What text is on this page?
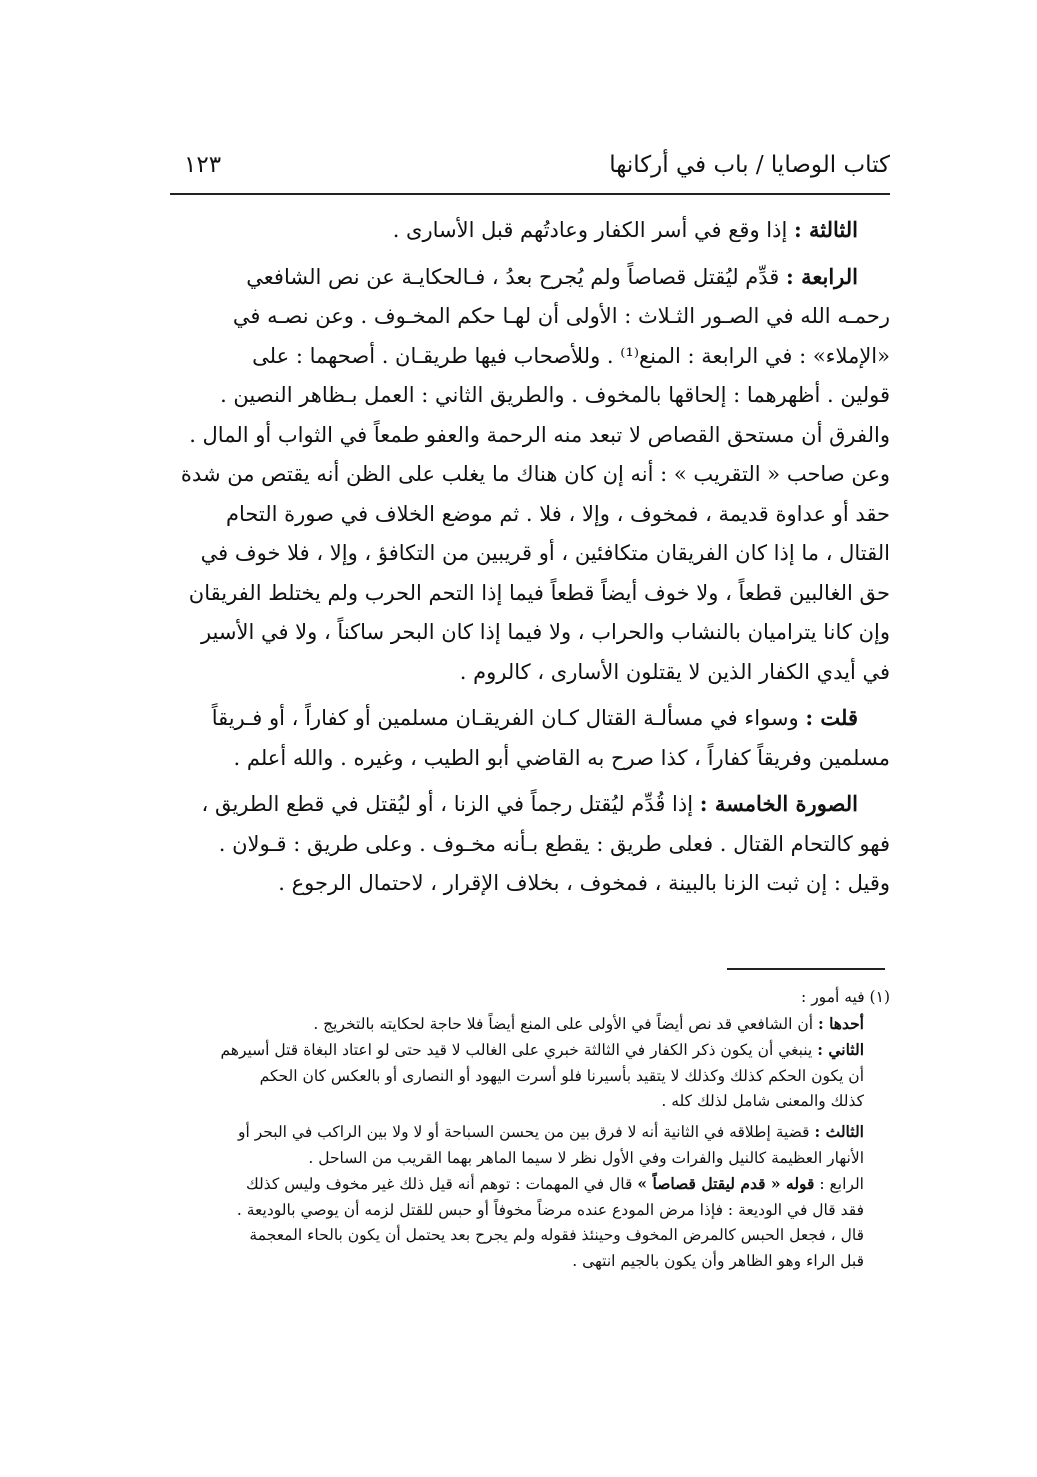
كتاب الوصايا / باب في أركانها
١٢٣
الثالثة : إذا وقع في أسر الكفار وعادتُهم قبل الأسارى .
الرابعة : قدِّم ليُقتل قصاصاً ولم يُجرح بعدُ ، فـالحكايـة عن نص الشافعي
رحمـه الله في الصـور الثـلاث : الأولى أن لهـا حكم المخـوف . وعن نصـه في
«الإملاء» : في الرابعة : المنع⁽¹⁾ . وللأصحاب فيها طريقـان . أصحهما : على
قولين . أظهرهما : إلحاقها بالمخوف . والطريق الثاني : العمل بـظاهر النصين .
والفرق أن مستحق القصاص لا تبعد منه الرحمة والعفو طمعاً في الثواب أو المال .
وعن صاحب « التقريب » : أنه إن كان هناك ما يغلب على الظن أنه يقتص من شدة
حقد أو عداوة قديمة ، فمخوف ، وإلا ، فلا . ثم موضع الخلاف في صورة التحام
القتال ، ما إذا كان الفريقان متكافئين ، أو قريبين من التكافؤ ، وإلا ، فلا خوف في
حق الغالبين قطعاً ، ولا خوف أيضاً قطعاً فيما إذا التحم الحرب ولم يختلط الفريقان
وإن كانا يتراميان بالنشاب والحراب ، ولا فيما إذا كان البحر ساكناً ، ولا في الأسير
في أيدي الكفار الذين لا يقتلون الأسارى ، كالروم .
قلت : وسواء في مسألـة القتال كـان الفريقـان مسلمين أو كفاراً ، أو فـريقاً
مسلمين وفريقاً كفاراً ، كذا صرح به القاضي أبو الطيب ، وغيره . والله أعلم .
الصورة الخامسة : إذا قُدِّم ليُقتل رجماً في الزنا ، أو ليُقتل في قطع الطريق ،
فهو كالتحام القتال . فعلى طريق : يقطع بـأنه مخـوف . وعلى طريق : قـولان .
وقيل : إن ثبت الزنا بالبينة ، فمخوف ، بخلاف الإقرار ، لاحتمال الرجوع .
(١) فيه أمور :
أحدها : أن الشافعي قد نص أيضاً في الأولى على المنع أيضاً فلا حاجة لحكايته بالتخريج .
الثاني : ينبغي أن يكون ذكر الكفار في الثالثة خبري على الغالب لا قيد حتى لو اعتاد البغاة قتل أسيرهم
أن يكون الحكم كذلك وكذلك لا يتقيد بأسيرنا فلو أسرت اليهود أو النصارى أو بالعكس كان الحكم
كذلك والمعنى شامل لذلك كله .
الثالث : قضية إطلاقه في الثانية أنه لا فرق بين من يحسن السباحة أو لا ولا بين الراكب في البحر أو
الأنهار العظيمة كالنيل والفرات وفي الأول نظر لا سيما الماهر بهما القريب من الساحل .
الرابع : قوله « قدم ليقتل قصاصاً » قال في المهمات : توهم أنه قيل ذلك غير مخوف وليس كذلك
فقد قال في الوديعة : فإذا مرض المودع عنده مرضاً مخوفاً أو حبس للقتل لزمه أن يوصي بالوديعة .
قال ، فجعل الحبس كالمرض المخوف وحينئذ فقوله ولم يجرح بعد يحتمل أن يكون بالحاء المعجمة
قبل الراء وهو الظاهر وأن يكون بالجيم انتهى .
